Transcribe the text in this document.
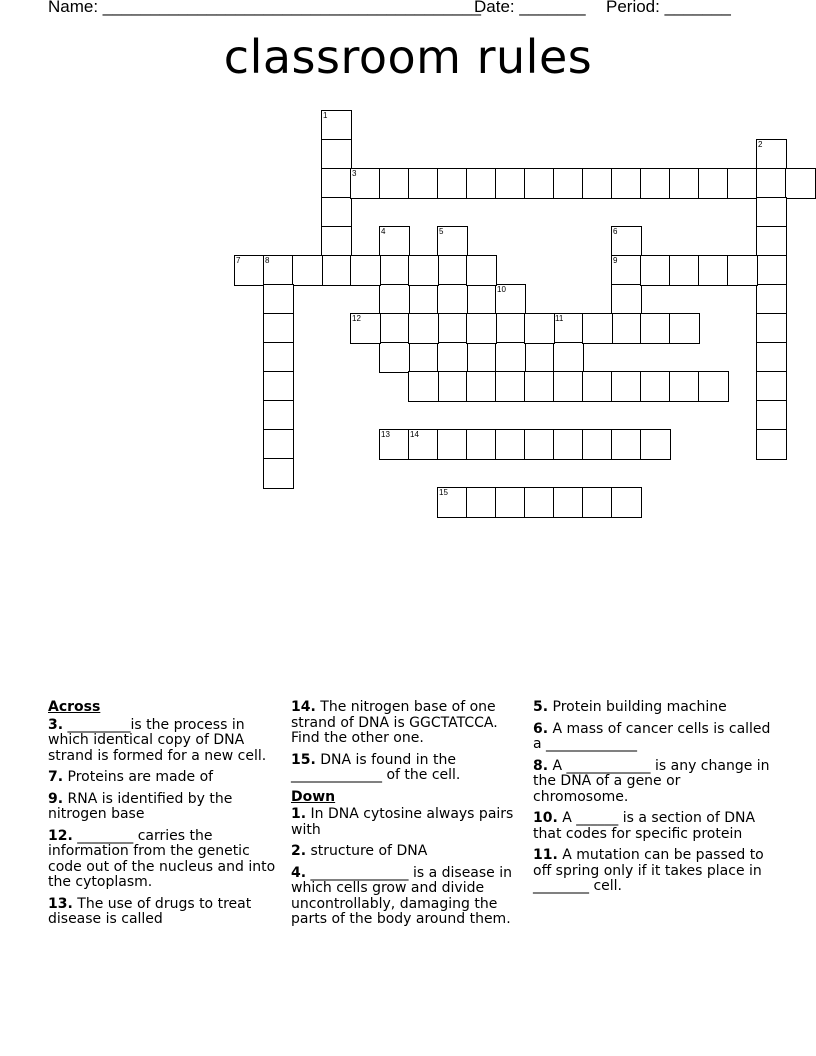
Name: ________________________________________
Date: _______ Period: _______
classroom rules
1
2
4	5	6
7	8	9
10
11
13
3
12
14
15
Across
3. _________is the process in which identical copy of DNA strand is formed for a new cell.
7. Proteins are made of
9. RNA is identified by the nitrogen base
12. ________ carries the information from the genetic code out of the nucleus and into the cytoplasm.
13. The use of drugs to treat disease is called
14. The nitrogen base of one strand of DNA is GGCTATCCA. Find the other one.
15. DNA is found in the _____________ of the cell.
Down
1. In DNA cytosine always pairs with
2. structure of DNA
4. ______________ is a disease in which cells grow and divide uncontrollably, damaging the parts of the body around them.
5. Protein building machine
6. A mass of cancer cells is called a _____________
8. A ____________ is any change in the DNA of a gene or chromosome.
10. A ______ is a section of DNA that codes for specific protein
11. A mutation can be passed to off spring only if it takes place in ________ cell.
